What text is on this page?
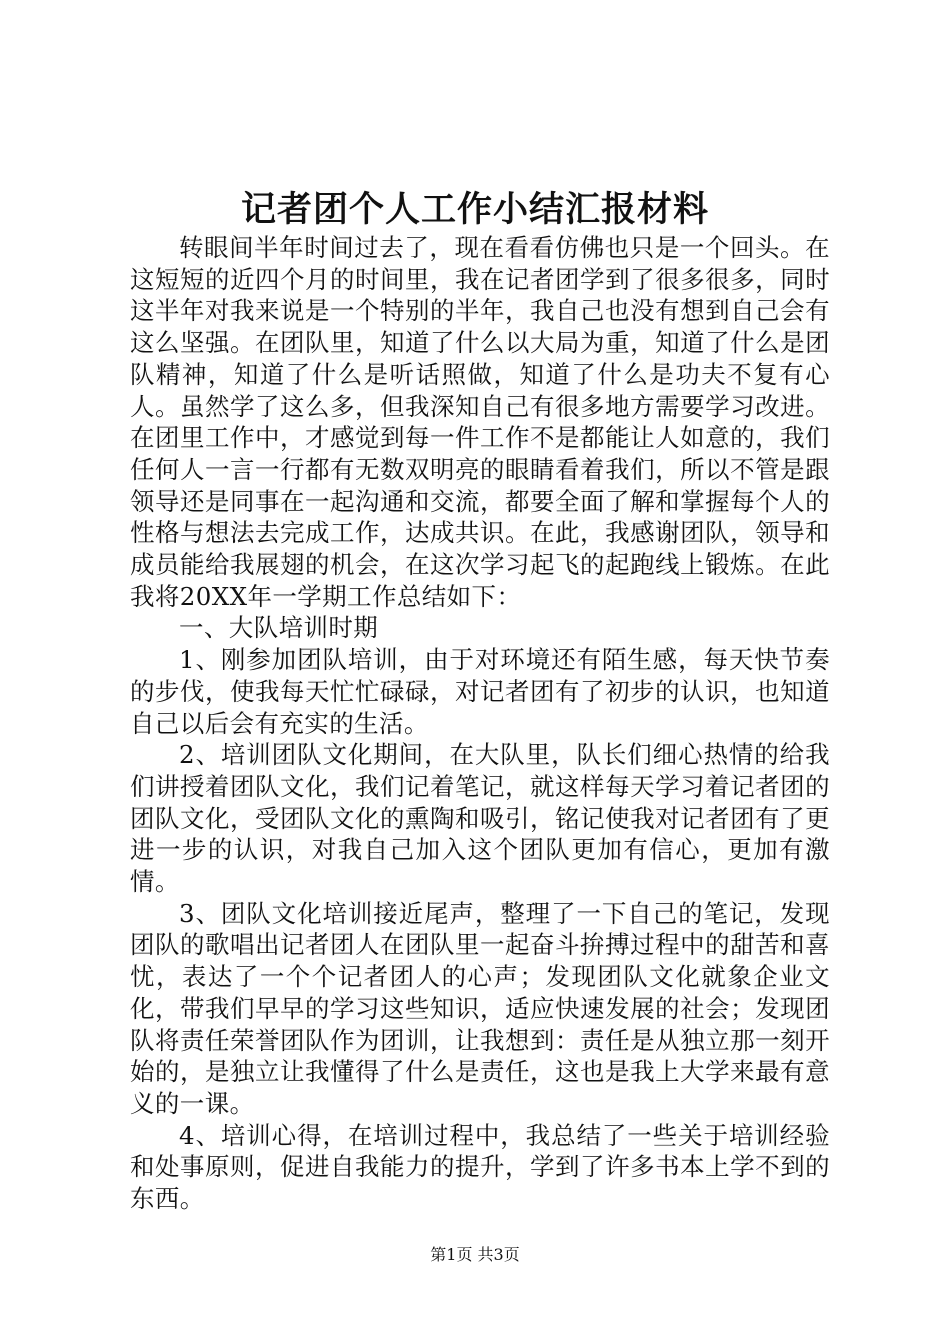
记者团个人工作小结汇报材料

转眼间半年时间过去了，现在看看仿佛也只是一个回头。在这短短的近四个月的时间里，我在记者团学到了很多很多，同时这半年对我来说是一个特别的半年，我自己也没有想到自己会有这么坚强。在团队里，知道了什么以大局为重，知道了什么是团队精神，知道了什么是听话照做，知道了什么是功夫不复有心人。虽然学了这么多，但我深知自己有很多地方需要学习改进。在团里工作中，才感觉到每一件工作不是都能让人如意的，我们任何人一言一行都有无数双明亮的眼睛看着我们，所以不管是跟领导还是同事在一起沟通和交流，都要全面了解和掌握每个人的性格与想法去完成工作，达成共识。在此，我感谢团队，领导和成员能给我展翅的机会，在这次学习起飞的起跑线上锻炼。在此我将20XX年一学期工作总结如下：

一、大队培训时期

1、刚参加团队培训，由于对环境还有陌生感，每天快节奏的步伐，使我每天忙忙碌碌，对记者团有了初步的认识，也知道自己以后会有充实的生活。

2、培训团队文化期间，在大队里，队长们细心热情的给我们讲授着团队文化，我们记着笔记，就这样每天学习着记者团的团队文化，受团队文化的熏陶和吸引，铭记使我对记者团有了更进一步的认识，对我自己加入这个团队更加有信心，更加有激情。

3、团队文化培训接近尾声，整理了一下自己的笔记，发现团队的歌唱出记者团人在团队里一起奋斗拚搏过程中的甜苦和喜忧，表达了一个个记者团人的心声；发现团队文化就象企业文化，带我们早早的学习这些知识，适应快速发展的社会；发现团队将责任荣誉团队作为团训，让我想到：责任是从独立那一刻开始的，是独立让我懂得了什么是责任，这也是我上大学来最有意义的一课。

4、培训心得，在培训过程中，我总结了一些关于培训经验和处事原则，促进自我能力的提升，学到了许多书本上学不到的东西。

第1页 共3页
